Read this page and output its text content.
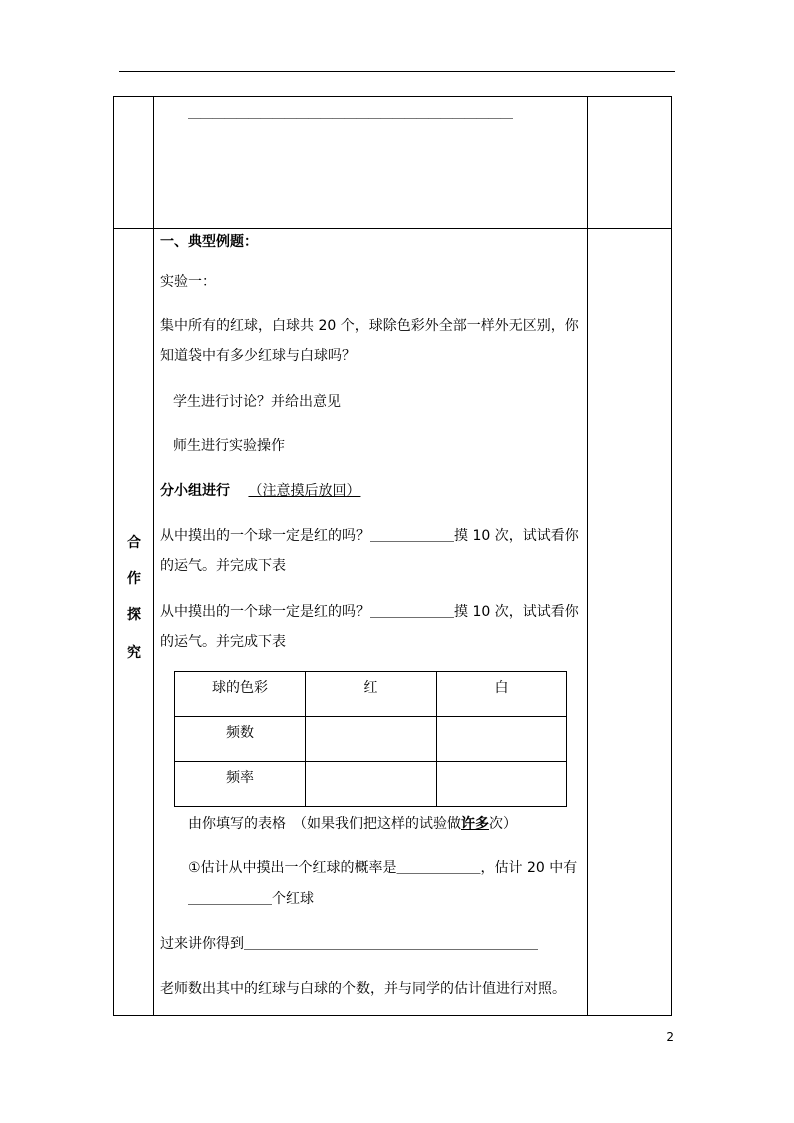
合
作
探
究
＿＿＿＿＿＿＿＿＿＿＿＿＿＿＿＿＿＿＿＿＿＿＿＿＿＿＿
一、典型例题：
实验一：
集中所有的红球，白球共 20 个，球除色彩外全部一样外无区别，你
知道袋中有多少红球与白球吗？
学生进行讨论？并给出意见
师生进行实验操作
分小组进行 （注意摸后放回）
从中摸出的一个球一定是红的吗？＿＿＿＿＿＿摸 10 次，试试看你
的运气。并完成下表
从中摸出的一个球一定是红的吗？＿＿＿＿＿＿摸 10 次，试试看你
的运气。并完成下表
球的色彩	红	白
频数
频率
由你填写的表格　（如果我们把这样的试验做许多次）
①估计从中摸出一个红球的概率是＿＿＿＿＿＿，估计 20 中有
＿＿＿＿＿＿个红球
过来讲你得到＿＿＿＿＿＿＿＿＿＿＿＿＿＿＿＿＿＿＿＿＿
老师数出其中的红球与白球的个数，并与同学的估计值进行对照。
2
